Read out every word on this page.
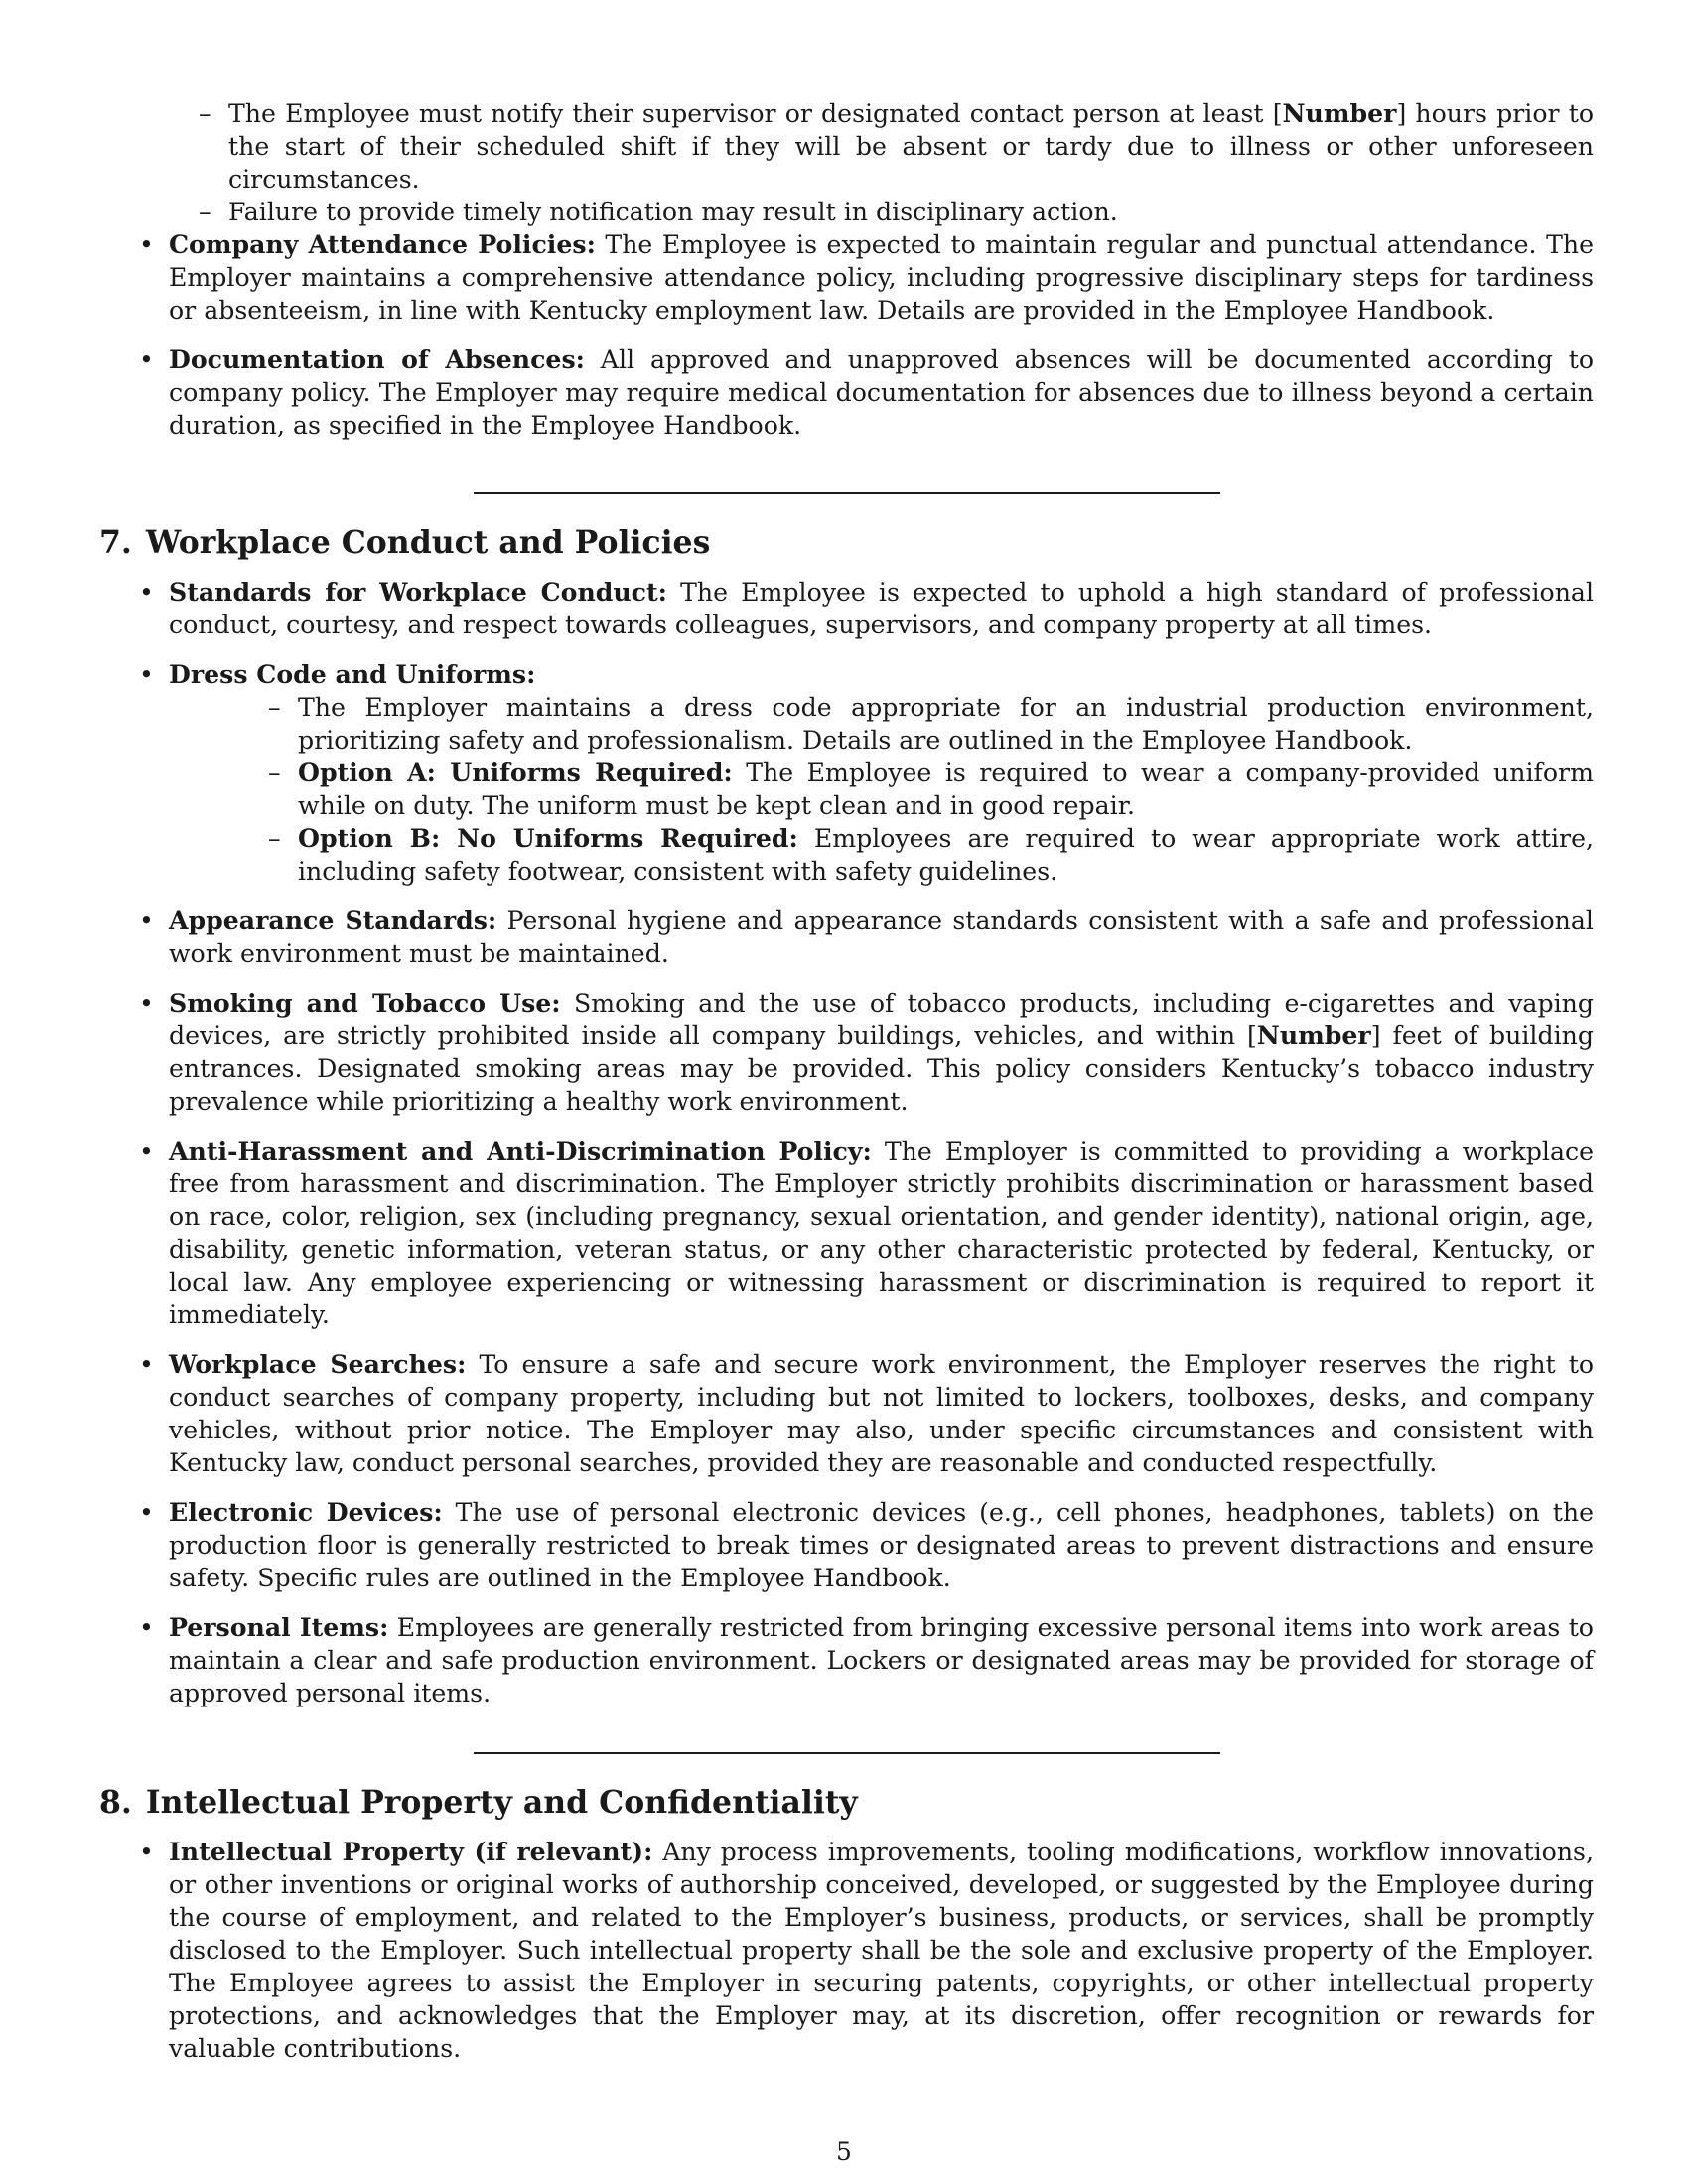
– The Employee must notify their supervisor or designated contact person at least [Number] hours prior to the start of their scheduled shift if they will be absent or tardy due to illness or other unforeseen circumstances.
– Failure to provide timely notification may result in disciplinary action.
• Company Attendance Policies: The Employee is expected to maintain regular and punctual attendance. The Employer maintains a comprehensive attendance policy, including progressive disciplinary steps for tardiness or absenteeism, in line with Kentucky employment law. Details are provided in the Employee Handbook.
• Documentation of Absences: All approved and unapproved absences will be documented according to company policy. The Employer may require medical documentation for absences due to illness beyond a certain duration, as specified in the Employee Handbook.
7. Workplace Conduct and Policies
• Standards for Workplace Conduct: The Employee is expected to uphold a high standard of professional conduct, courtesy, and respect towards colleagues, supervisors, and company property at all times.
• Dress Code and Uniforms:
– The Employer maintains a dress code appropriate for an industrial production environment, prioritizing safety and professionalism. Details are outlined in the Employee Handbook.
– Option A: Uniforms Required: The Employee is required to wear a company-provided uniform while on duty. The uniform must be kept clean and in good repair.
– Option B: No Uniforms Required: Employees are required to wear appropriate work attire, including safety footwear, consistent with safety guidelines.
• Appearance Standards: Personal hygiene and appearance standards consistent with a safe and professional work environment must be maintained.
• Smoking and Tobacco Use: Smoking and the use of tobacco products, including e-cigarettes and vaping devices, are strictly prohibited inside all company buildings, vehicles, and within [Number] feet of building entrances. Designated smoking areas may be provided. This policy considers Kentucky’s tobacco industry prevalence while prioritizing a healthy work environment.
• Anti-Harassment and Anti-Discrimination Policy: The Employer is committed to providing a workplace free from harassment and discrimination. The Employer strictly prohibits discrimination or harassment based on race, color, religion, sex (including pregnancy, sexual orientation, and gender identity), national origin, age, disability, genetic information, veteran status, or any other characteristic protected by federal, Kentucky, or local law. Any employee experiencing or witnessing harassment or discrimination is required to report it immediately.
• Workplace Searches: To ensure a safe and secure work environment, the Employer reserves the right to conduct searches of company property, including but not limited to lockers, toolboxes, desks, and company vehicles, without prior notice. The Employer may also, under specific circumstances and consistent with Kentucky law, conduct personal searches, provided they are reasonable and conducted respectfully.
• Electronic Devices: The use of personal electronic devices (e.g., cell phones, headphones, tablets) on the production floor is generally restricted to break times or designated areas to prevent distractions and ensure safety. Specific rules are outlined in the Employee Handbook.
• Personal Items: Employees are generally restricted from bringing excessive personal items into work areas to maintain a clear and safe production environment. Lockers or designated areas may be provided for storage of approved personal items.
8. Intellectual Property and Confidentiality
• Intellectual Property (if relevant): Any process improvements, tooling modifications, workflow innovations, or other inventions or original works of authorship conceived, developed, or suggested by the Employee during the course of employment, and related to the Employer’s business, products, or services, shall be promptly disclosed to the Employer. Such intellectual property shall be the sole and exclusive property of the Employer. The Employee agrees to assist the Employer in securing patents, copyrights, or other intellectual property protections, and acknowledges that the Employer may, at its discretion, offer recognition or rewards for valuable contributions.
5
